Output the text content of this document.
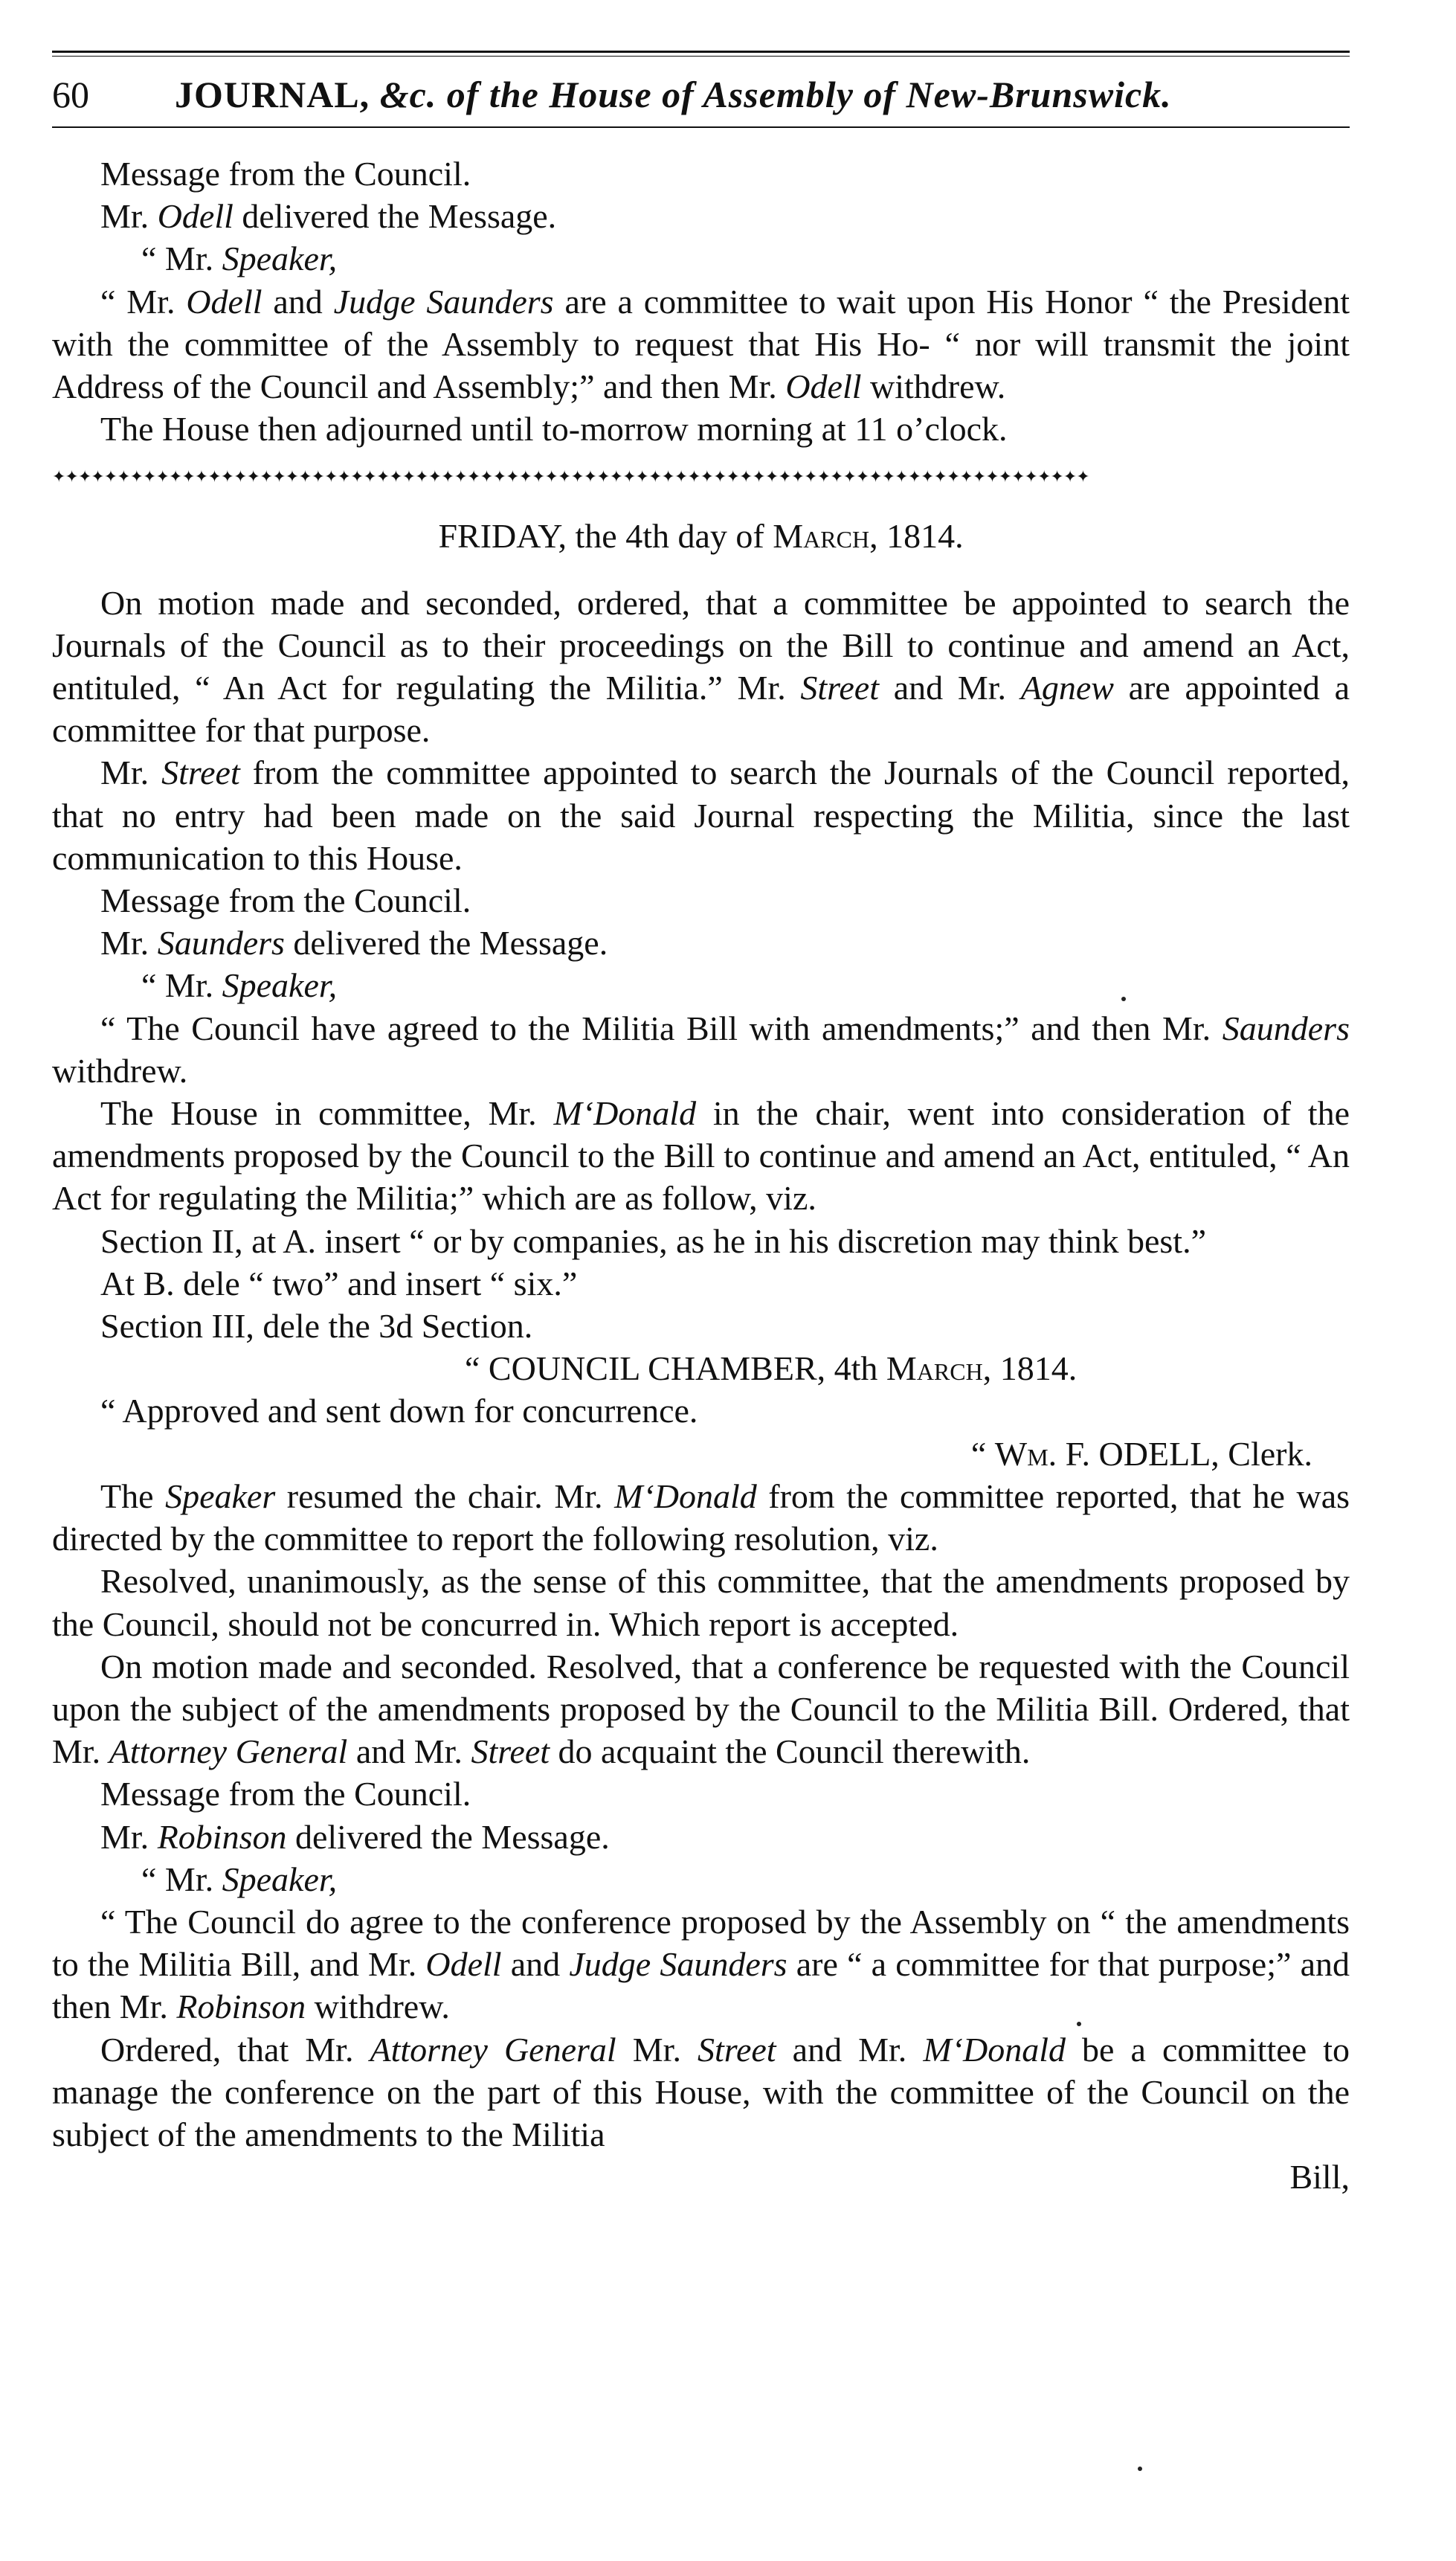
60 JOURNAL, &c. of the House of Assembly of New-Brunswick.

Message from the Council.

Mr. Odell delivered the Message.

“ Mr. Speaker,

“ Mr. Odell and Judge Saunders are a committee to wait upon His Honor “ the President with the committee of the Assembly to request that His Ho- “ nor will transmit the joint Address of the Council and Assembly;” and then Mr. Odell withdrew.

The House then adjourned until to-morrow morning at 11 o’clock.

✦✦✦✦✦✦✦✦✦✦✦✦✦✦✦✦✦✦✦✦✦✦✦✦✦✦✦✦✦✦✦✦✦✦✦✦✦✦✦✦✦✦✦✦✦✦✦✦✦✦✦✦✦✦✦✦✦✦✦✦✦✦✦✦✦✦✦✦✦✦✦✦✦✦✦✦✦✦✦✦

FRIDAY, the 4th day of March, 1814.

On motion made and seconded, ordered, that a committee be appointed to search the Journals of the Council as to their proceedings on the Bill to continue and amend an Act, entituled, “ An Act for regulating the Militia.” Mr. Street and Mr. Agnew are appointed a committee for that purpose.

Mr. Street from the committee appointed to search the Journals of the Council reported, that no entry had been made on the said Journal respecting the Militia, since the last communication to this House.

Message from the Council.

Mr. Saunders delivered the Message.

“ Mr. Speaker,

“ The Council have agreed to the Militia Bill with amendments;” and then Mr. Saunders withdrew.

The House in committee, Mr. M‘Donald in the chair, went into consideration of the amendments proposed by the Council to the Bill to continue and amend an Act, entituled, “ An Act for regulating the Militia;” which are as follow, viz.

Section II, at A. insert “ or by companies, as he in his discretion may think best.”

At B. dele “ two” and insert “ six.”

Section III, dele the 3d Section.

“ COUNCIL CHAMBER, 4th March, 1814.

“ Approved and sent down for concurrence.

“ Wm. F. ODELL, Clerk.

The Speaker resumed the chair. Mr. M‘Donald from the committee reported, that he was directed by the committee to report the following resolution, viz.

Resolved, unanimously, as the sense of this committee, that the amendments proposed by the Council, should not be concurred in. Which report is accepted.

On motion made and seconded. Resolved, that a conference be requested with the Council upon the subject of the amendments proposed by the Council to the Militia Bill. Ordered, that Mr. Attorney General and Mr. Street do acquaint the Council therewith.

Message from the Council.

Mr. Robinson delivered the Message.

“ Mr. Speaker,

“ The Council do agree to the conference proposed by the Assembly on “ the amendments to the Militia Bill, and Mr. Odell and Judge Saunders are “ a committee for that purpose;” and then Mr. Robinson withdrew.

Ordered, that Mr. Attorney General Mr. Street and Mr. M‘Donald be a committee to manage the conference on the part of this House, with the committee of the Council on the subject of the amendments to the Militia

Bill,
